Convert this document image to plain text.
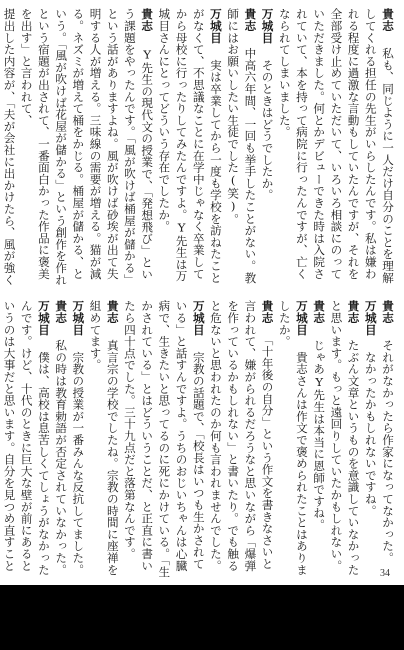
貴志　私も、同じように一人だけ自分のことを理解してくれる担任の先生がいらしたんです。私は嫌われる程度に過激な言動もしていたんですが、それを全部受け止めていただいて、いろいろ相談にのっていただきました。何とかデビューできた時は入院されていて、本を持って病院に行ったんですが、亡くなられてしまいました。

万城目　そのときはどうでしたか。

貴志　中高六年間、一回も挙手したことがない。教師にはお願いしたい生徒でした(笑)。

万城目　実は卒業してから一度も学校を訪ねたことがなくて、不思議なことに在学中じゃなく卒業してから母校に行ったりしてみたんですよ。Y先生は万城目さんにとってどういう存在でしたか。

貴志　Y先生の現代文の授業で、「発想飛び」という課題をやったんです。「風が吹けば桶屋が儲かる」という話がありますよね。風が吹けば砂埃が出て失明する人が増える。三味線の需要が増える。猫が減る。ネズミが増えて桶をかじる。桶屋が儲かる、という。「風が吹けば花屋が儲かる」という創作を作れという宿題が出されて、一番面白かった作品に褒美を出す」と言われて、

提出した内容が、「夫が会社に出かけたら、風が強く

貴志　それがなかったら作家になってなかった。

万城目　なかったかもしれないですね。

貴志　たぶん文章というものを意識していなかったと思います。もっと遠回りしていたかもしれない。

貴志　じゃあY先生は本当に恩師ですね。

万城目　貴志さんは作文で褒められたことはありましたか。

貴志　「十年後の自分」という作文を書きなさいと言われて、嫌がられるだろうなと思いながら「爆弾を作っているかもしれない」と書いたり。でも触ると危ないと思われたのか何も言われませんでした。

万城目　宗教の話題で、「校長はいつも生かされている」と話すんですよ。うちのおじいちゃんは心臓病で、生きたいと思ってるのに死にかけている。「生かされている」とはどういうことだ、と正直に書いたら四十点でした。三十九点だと落第なんです。

貴志　真言宗の学校でしたね。宗教の時間に座禅を組めてます。

万城目　宗教の授業が一番みんな反抗してました。

貴志　私の時は教育勅語が否定されていなかった。

万城目　僕は、高校は息苦しくてしょうがなかったんです。けど、十代のときに巨大な壁が前にあるというのは大事だと思います。自分を見つめ直すこと

34
